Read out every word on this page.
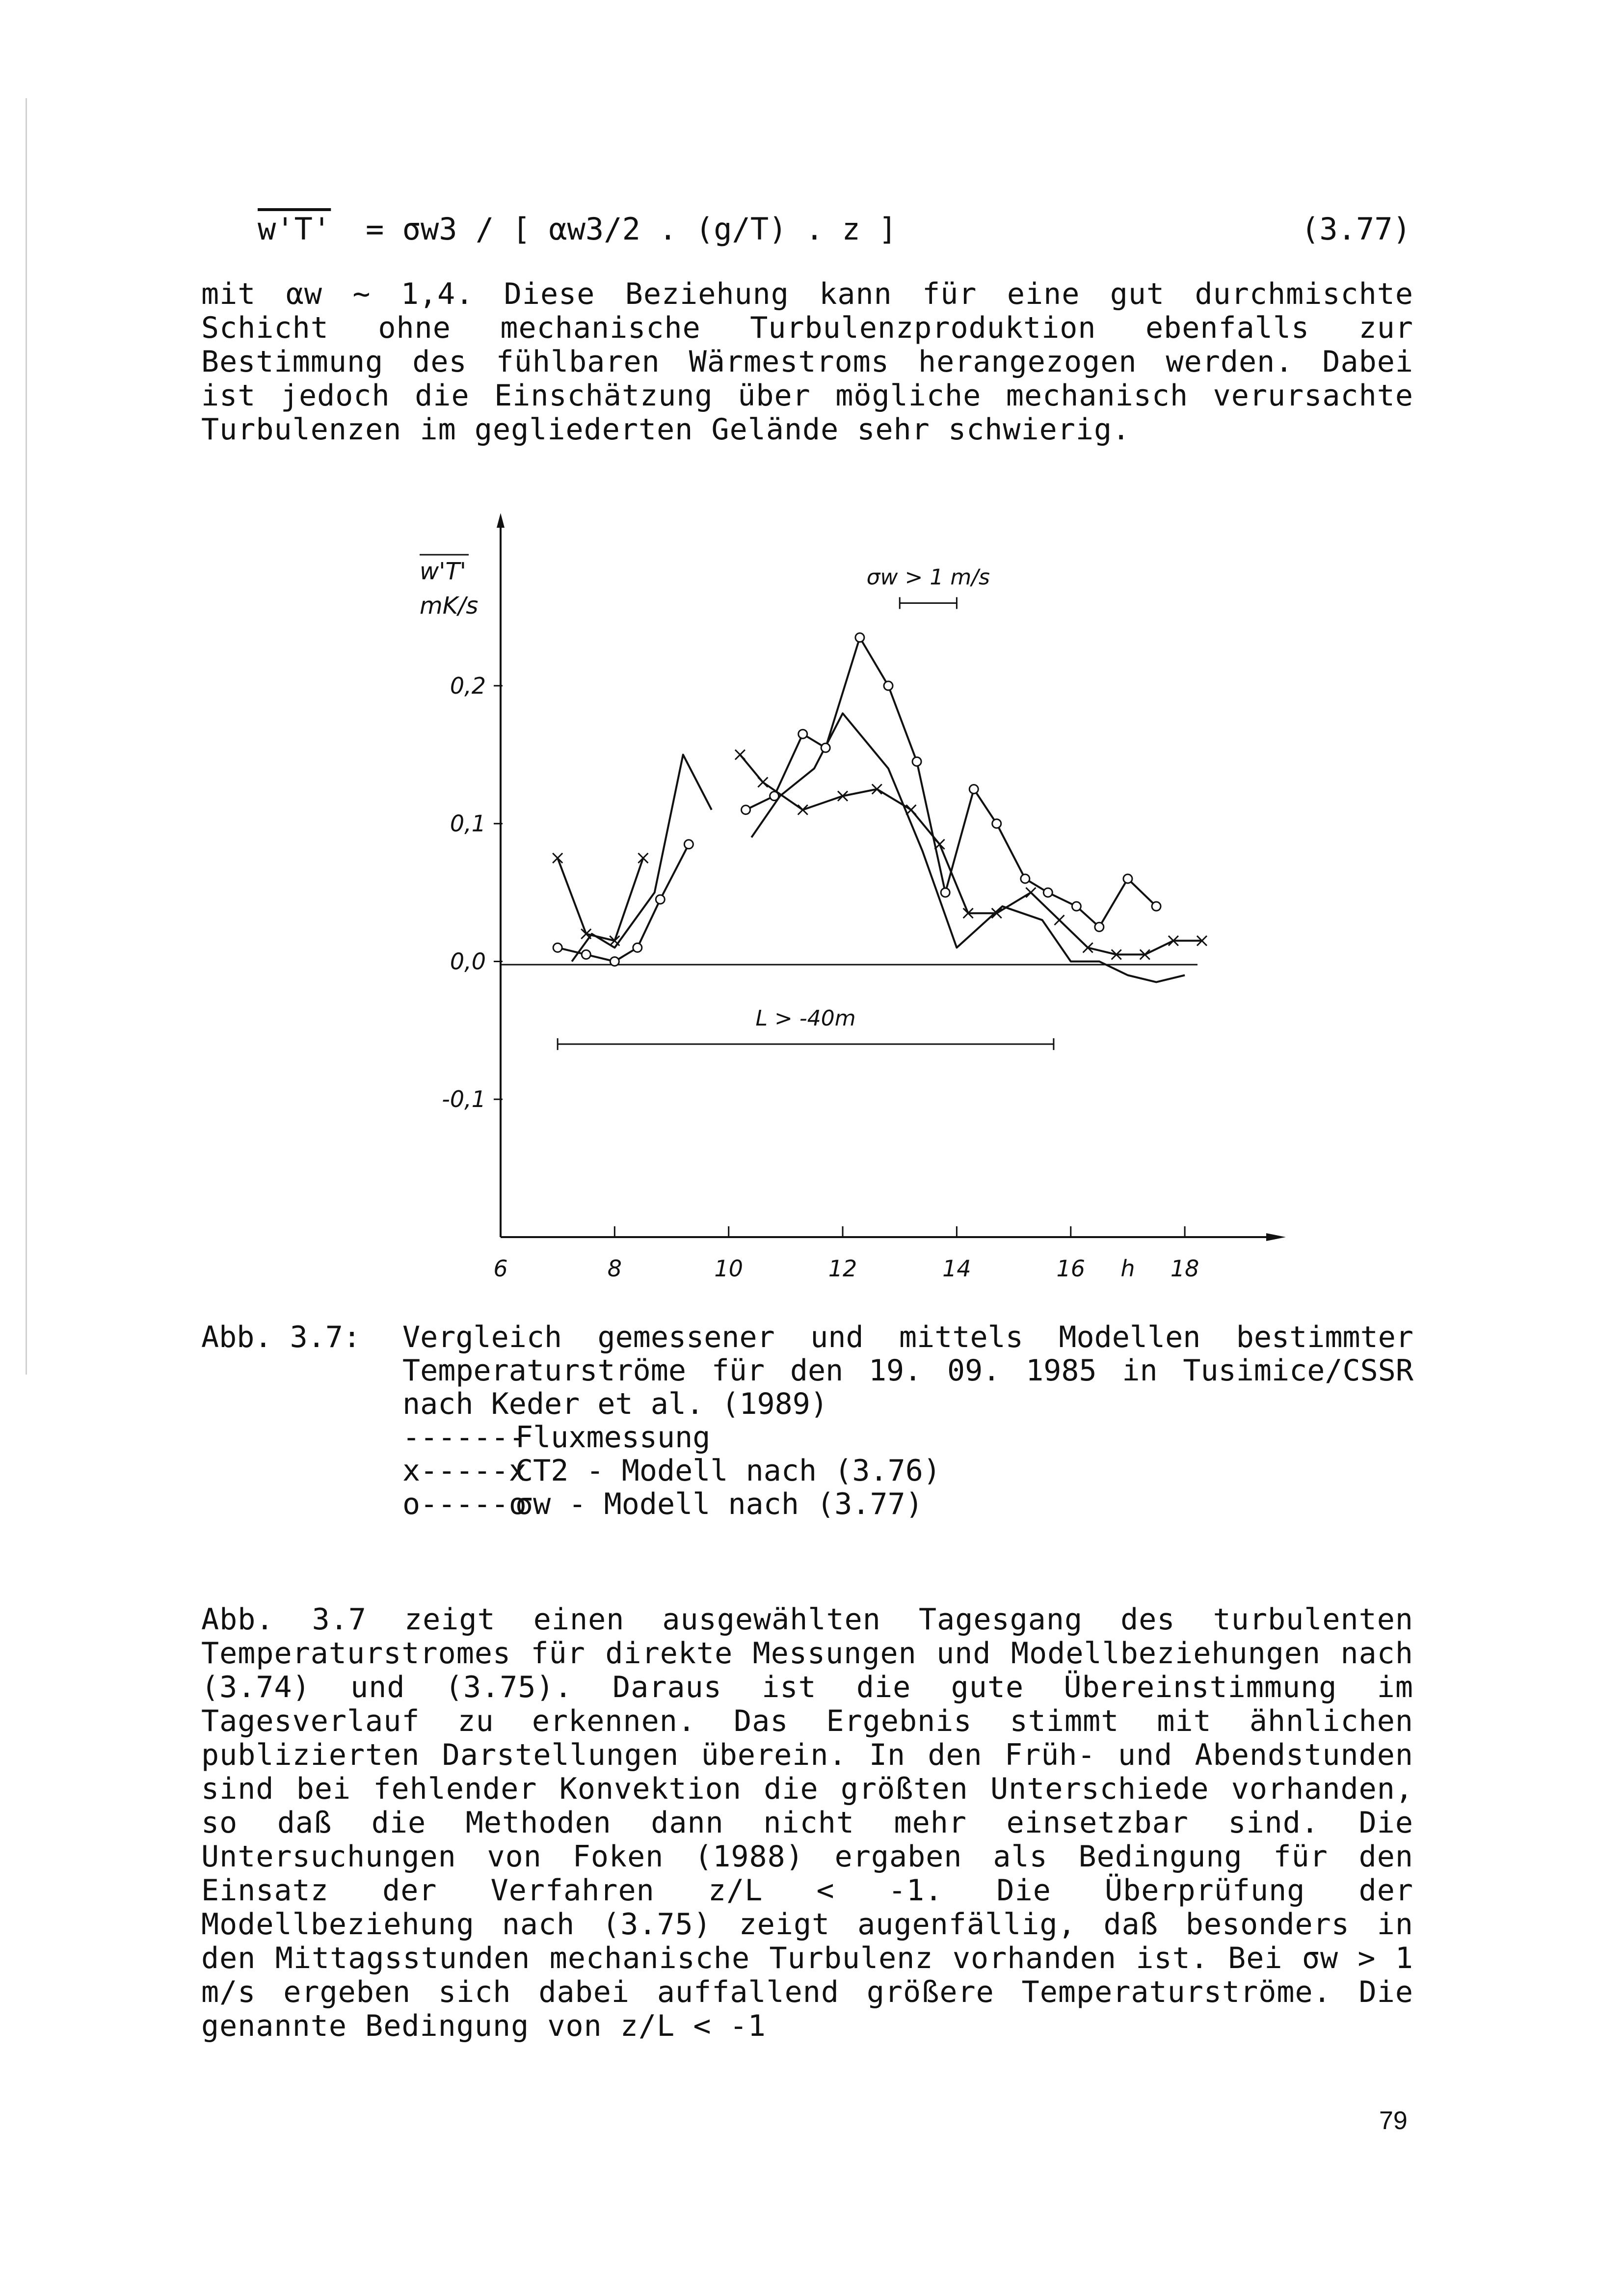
w'T' = σw3 / [ αw3/2 . (g/T) . z ]	(3.77)

mit αw ~ 1,4. Diese Beziehung kann für eine gut durchmischte Schicht ohne mechanische Turbulenzproduktion ebenfalls zur Bestimmung des fühlbaren Wärmestroms herangezogen werden. Dabei ist jedoch die Einschätzung über mögliche mechanisch verursachte Turbulenzen im gegliederten Gelände sehr schwierig.

w'T'
mK/s
0,2
0,1
0,0
-0,1
6	8	10	12	14	16	18
h
σw > 1 m/s
L > -40m
Abb. 3.7:	Vergleich gemessener und mittels Modellen bestimmter Temperaturströme für den 19. 09. 1985 in Tusimice/CSSR nach Keder et al. (1989)
-------
Fluxmessung
x-----x
CT2 - Modell nach (3.76)
o-----o
σw - Modell nach (3.77)

Abb. 3.7 zeigt einen ausgewählten Tagesgang des turbulenten Temperaturstromes für direkte Messungen und Modellbeziehungen nach (3.74) und (3.75). Daraus ist die gute Übereinstimmung im Tagesverlauf zu erkennen. Das Ergebnis stimmt mit ähnlichen publizierten Darstellungen überein. In den Früh- und Abendstunden sind bei fehlender Konvektion die größten Unterschiede vorhanden, so daß die Methoden dann nicht mehr einsetzbar sind. Die Untersuchungen von Foken (1988) ergaben als Bedingung für den Einsatz der Verfahren z/L < -1. Die Überprüfung der Modellbeziehung nach (3.75) zeigt augenfällig, daß besonders in den Mittagsstunden mechanische Turbulenz vorhanden ist. Bei σw > 1 m/s ergeben sich dabei auffallend größere Temperaturströme. Die genannte Bedingung von z/L < -1

79
